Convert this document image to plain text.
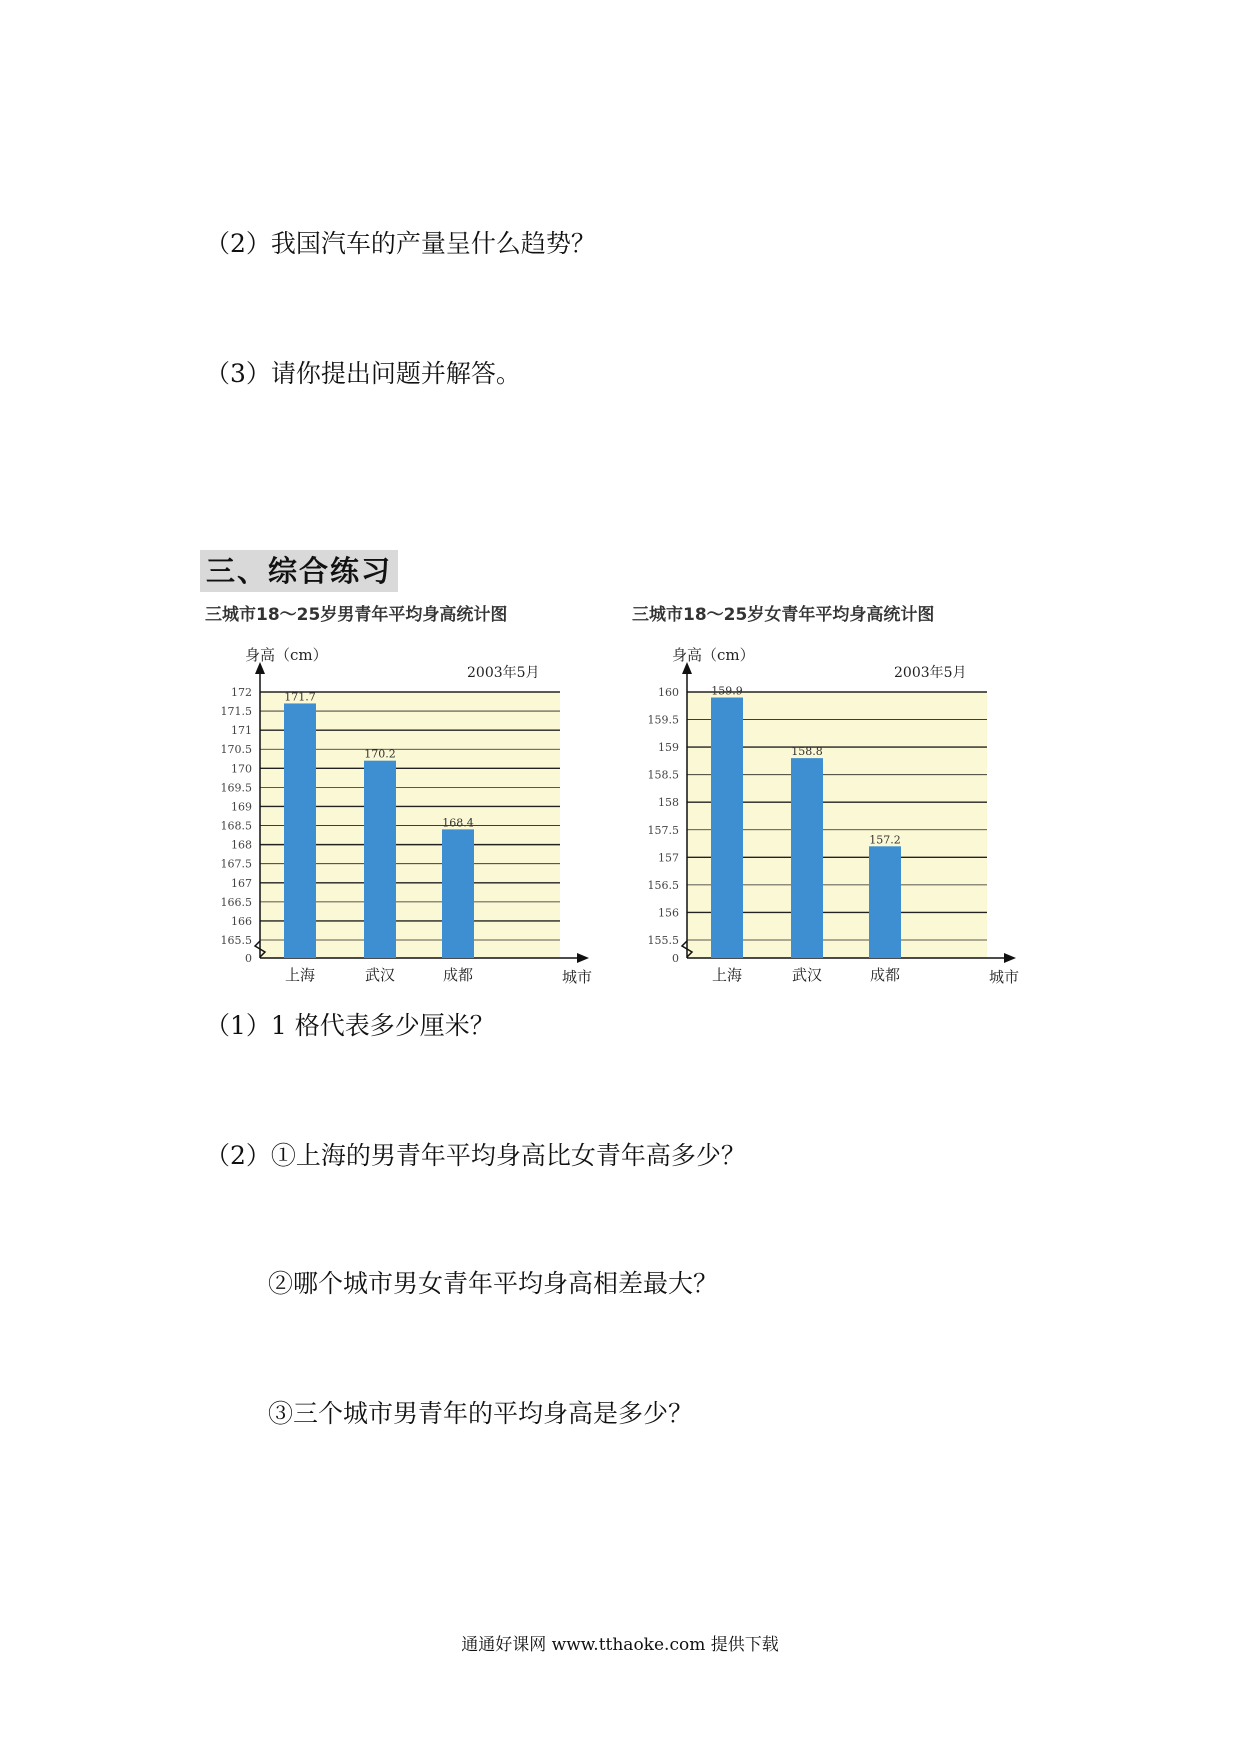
（2）我国汽车的产量呈什么趋势？
（3）请你提出问题并解答。
三、综合练习
三城市18～25岁男青年平均身高统计图
0
165.5
166
166.5
167
167.5
168
168.5
169
169.5
170
170.5
171
171.5
172
身高（cm）
2003年5月
171.7
上海
170.2
武汉
168.4
成都	城市
三城市18～25岁女青年平均身高统计图
0
155.5
156
156.5
157
157.5
158
158.5
159
159.5
160
身高（cm）
2003年5月
159.9
上海
158.8
武汉
157.2
成都	城市
（1）1 格代表多少厘米？
（2）①上海的男青年平均身高比女青年高多少？
②哪个城市男女青年平均身高相差最大？
③三个城市男青年的平均身高是多少？
通通好课网 www.tthaoke.com 提供下载
